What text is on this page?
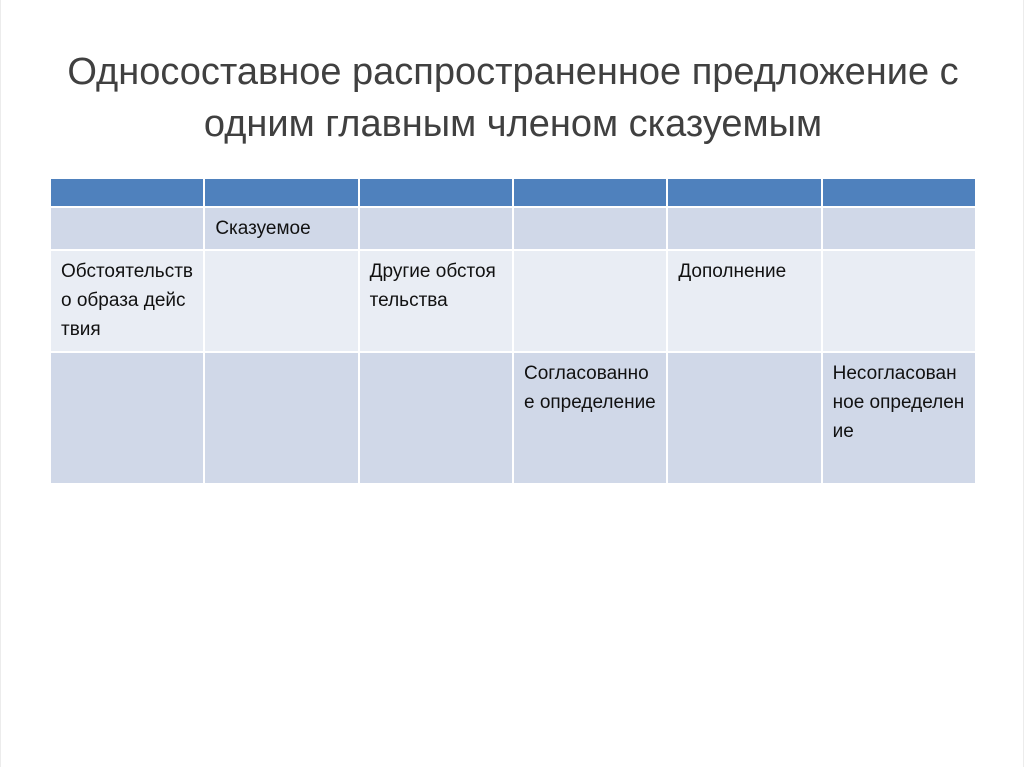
Односоставное распространенное предложение с одним главным членом сказуемым

	Сказуемое				
Обстоятельство образа действия		Другие обстоятельства		Дополнение	
			Согласованное определение		Несогласованное определение
